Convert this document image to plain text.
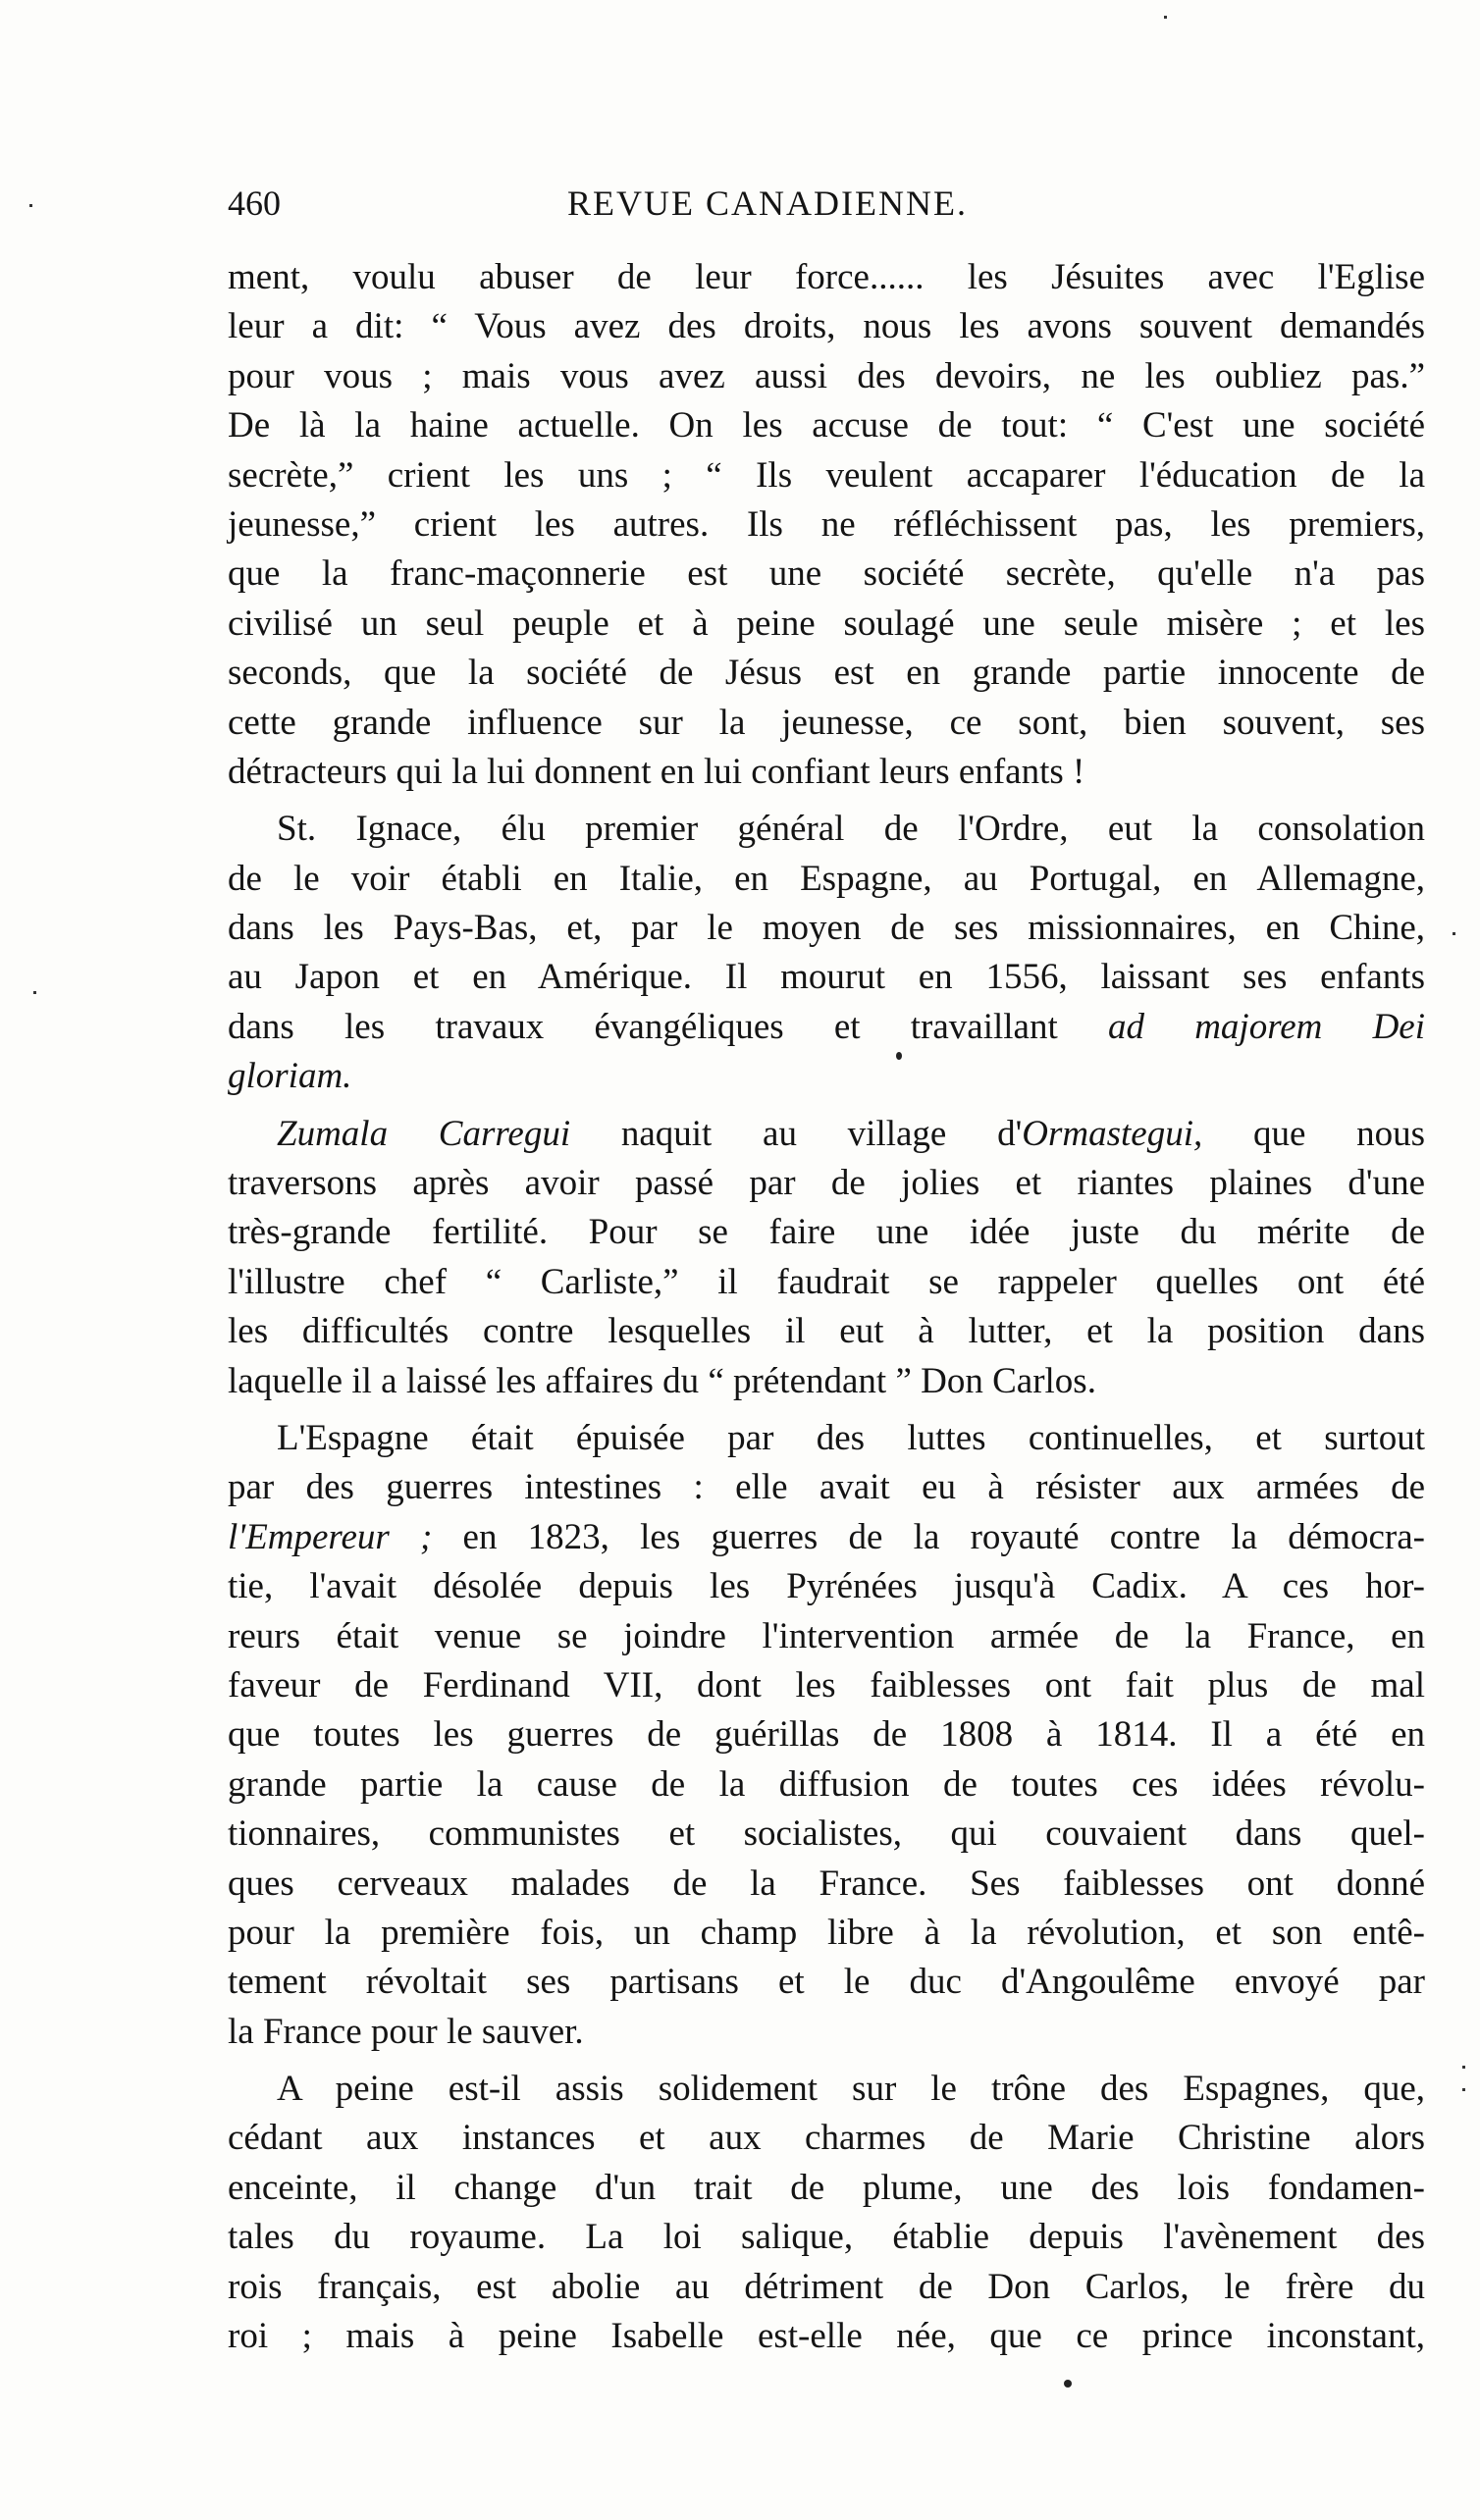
460	REVUE CANADIENNE.
ment, voulu abuser de leur force...... les Jésuites avec l'Eglise
leur a dit: “ Vous avez des droits, nous les avons souvent demandés
pour vous ; mais vous avez aussi des devoirs, ne les oubliez pas.”
De là la haine actuelle. On les accuse de tout: “ C'est une société
secrète,” crient les uns ; “ Ils veulent accaparer l'éducation de la
jeunesse,” crient les autres. Ils ne réfléchissent pas, les premiers,
que la franc-maçonnerie est une société secrète, qu'elle n'a pas
civilisé un seul peuple et à peine soulagé une seule misère ; et les
seconds, que la société de Jésus est en grande partie innocente de
cette grande influence sur la jeunesse, ce sont, bien souvent, ses
détracteurs qui la lui donnent en lui confiant leurs enfants !
St. Ignace, élu premier général de l'Ordre, eut la consolation
de le voir établi en Italie, en Espagne, au Portugal, en Allemagne,
dans les Pays-Bas, et, par le moyen de ses missionnaires, en Chine,
au Japon et en Amérique. Il mourut en 1556, laissant ses enfants
dans les travaux évangéliques et travaillant ad majorem Dei
gloriam.
Zumala Carregui naquit au village d'Ormastegui, que nous
traversons après avoir passé par de jolies et riantes plaines d'une
très-grande fertilité. Pour se faire une idée juste du mérite de
l'illustre chef “ Carliste,” il faudrait se rappeler quelles ont été
les difficultés contre lesquelles il eut à lutter, et la position dans
laquelle il a laissé les affaires du “ prétendant ” Don Carlos.
L'Espagne était épuisée par des luttes continuelles, et surtout
par des guerres intestines : elle avait eu à résister aux armées de
l'Empereur ; en 1823, les guerres de la royauté contre la démocra-
tie, l'avait désolée depuis les Pyrénées jusqu'à Cadix. A ces hor-
reurs était venue se joindre l'intervention armée de la France, en
faveur de Ferdinand VII, dont les faiblesses ont fait plus de mal
que toutes les guerres de guérillas de 1808 à 1814. Il a été en
grande partie la cause de la diffusion de toutes ces idées révolu-
tionnaires, communistes et socialistes, qui couvaient dans quel-
ques cerveaux malades de la France. Ses faiblesses ont donné
pour la première fois, un champ libre à la révolution, et son entê-
tement révoltait ses partisans et le duc d'Angoulême envoyé par
la France pour le sauver.
A peine est-il assis solidement sur le trône des Espagnes, que,
cédant aux instances et aux charmes de Marie Christine alors
enceinte, il change d'un trait de plume, une des lois fondamen-
tales du royaume. La loi salique, établie depuis l'avènement des
rois français, est abolie au détriment de Don Carlos, le frère du
roi ; mais à peine Isabelle est-elle née, que ce prince inconstant,
